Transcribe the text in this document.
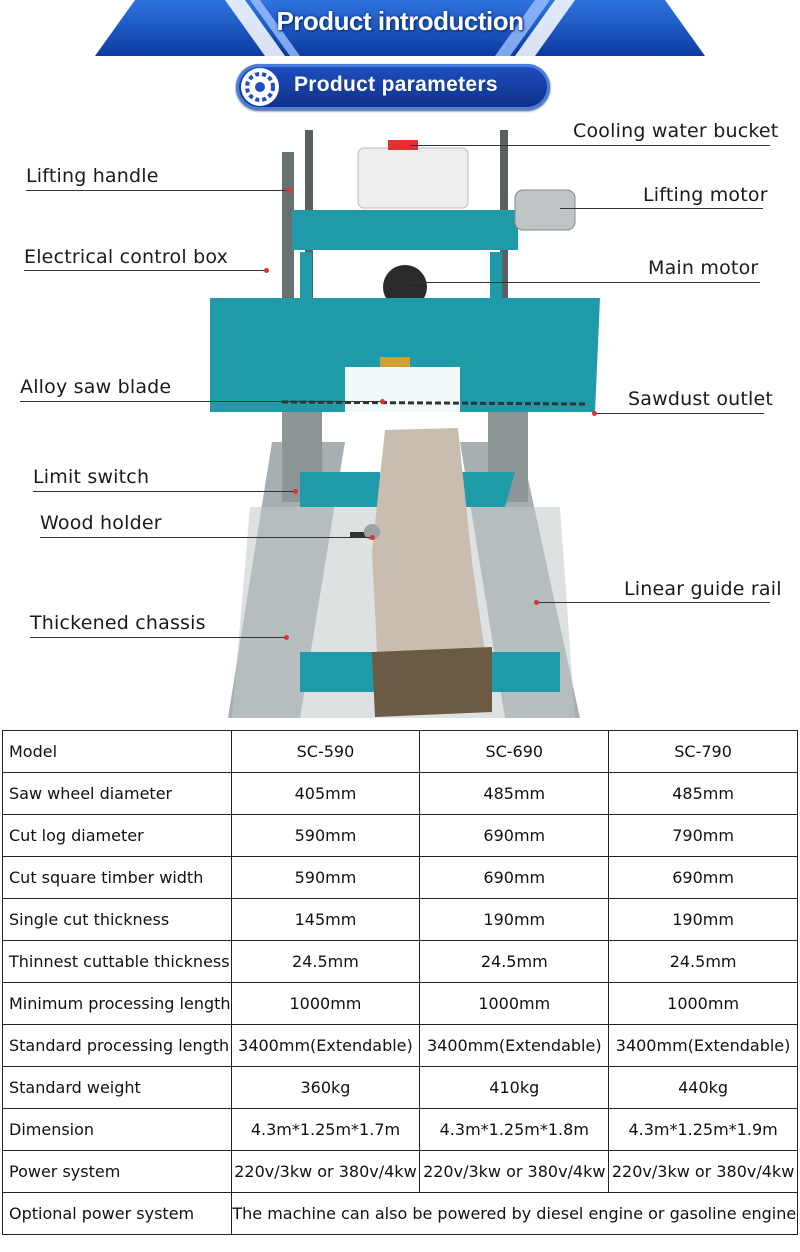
Product introduction
Product parameters
Cooling water bucket
Lifting handle
Lifting motor
Electrical control box	Main motor
Alloy saw blade
Sawdust outlet
Limit switch
Wood holder
Linear guide rail
Thickened chassis
Model	SC-590	SC-690	SC-790
Saw wheel diameter	405mm	485mm	485mm
Cut log diameter	590mm	690mm	790mm
Cut square timber width	590mm	690mm	690mm
Single cut thickness	145mm	190mm	190mm
Thinnest cuttable thickness	24.5mm	24.5mm	24.5mm
Minimum processing length	1000mm	1000mm	1000mm
Standard processing length	3400mm(Extendable)	3400mm(Extendable)	3400mm(Extendable)
Standard weight	360kg	410kg	440kg
Dimension	4.3m*1.25m*1.7m	4.3m*1.25m*1.8m	4.3m*1.25m*1.9m
Power system	220v/3kw or 380v/4kw	220v/3kw or 380v/4kw	220v/3kw or 380v/4kw
Optional power system	The machine can also be powered by diesel engine or gasoline engine		
